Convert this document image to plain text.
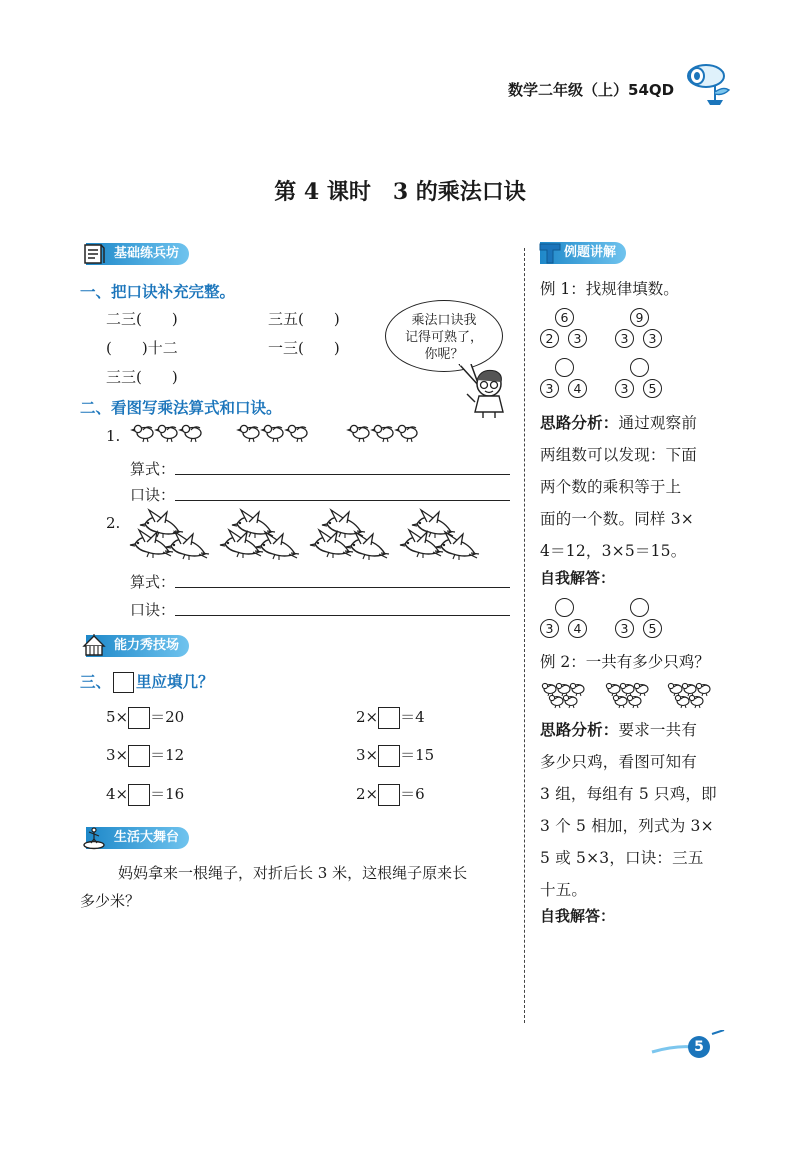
数学二年级（上）54QD
第 4 课时　3 的乘法口诀
基础练兵坊
一、把口诀补充完整。
二三(　　)	三五(　　)
(　　)十二	一三(　　)
三三(　　)
乘法口诀我
记得可熟了，
你呢？
二、看图写乘法算式和口诀。
1.
算式：
口诀：
2.
算式：
口诀：
能力秀技场
三、 里应填几？
5× ＝20	2× ＝4
3× ＝12	3× ＝15
4× ＝16	2× ＝6
生活大舞台
妈妈拿来一根绳子，对折后长 3 米，这根绳子原来长
多少米？
例题讲解
例 1：找规律填数。
6
2	3
9
3	3
3	4	3	5
思路分析：通过观察前
两组数可以发现：下面
两个数的乘积等于上
面的一个数。同样 3×
4＝12，3×5＝15。
自我解答：
3	4	3	5
例 2：一共有多少只鸡？
思路分析：要求一共有
多少只鸡，看图可知有
3 组，每组有 5 只鸡，即
3 个 5 相加，列式为 3×
5 或 5×3，口诀：三五
十五。
自我解答：
5
